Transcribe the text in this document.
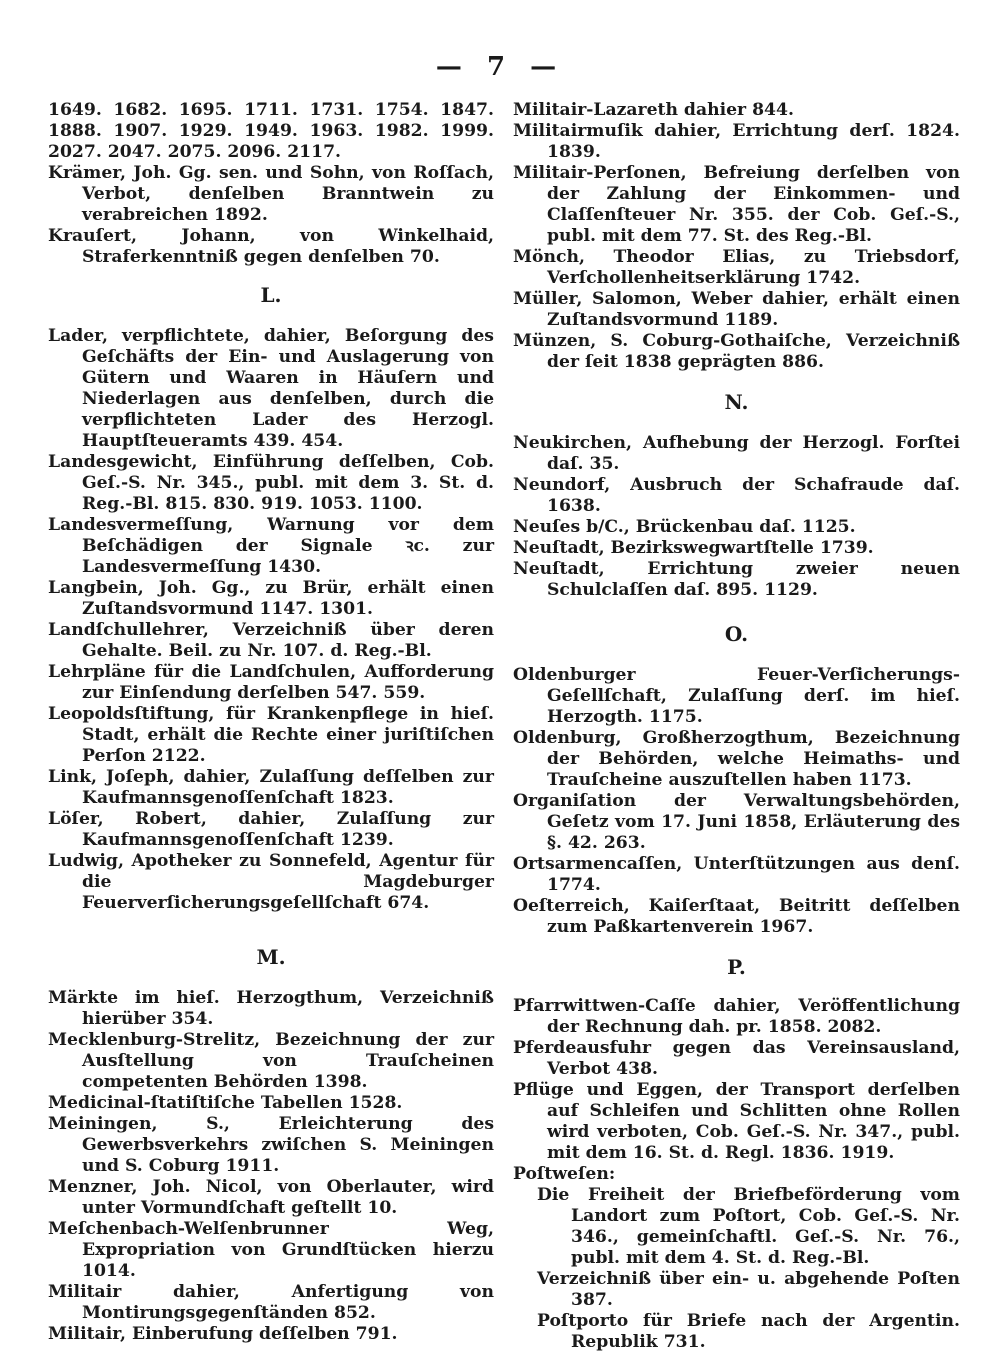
— 7 —

1649. 1682. 1695. 1711. 1731. 1754. 1847. 1888. 1907. 1929. 1949. 1963. 1982. 1999. 2027. 2047. 2075. 2096. 2117.

Krämer, Joh. Gg. sen. und Sohn, von Roſſach, Verbot, denſelben Branntwein zu verabreichen 1892.

Krauſert, Johann, von Winkelhaid, Straferkenntniß gegen denſelben 70.

L.

Lader, verpflichtete, dahier, Beſorgung des Geſchäfts der Ein- und Auslagerung von Gütern und Waaren in Häuſern und Niederlagen aus denſelben, durch die verpflichteten Lader des Herzogl. Hauptſteueramts 439. 454.

Landesgewicht, Einführung deſſelben, Cob. Geſ.-S. Nr. 345., publ. mit dem 3. St. d. Reg.-Bl. 815. 830. 919. 1053. 1100.

Landesvermeſſung, Warnung vor dem Beſchädigen der Signale ꝛc. zur Landesvermeſſung 1430.

Langbein, Joh. Gg., zu Brür, erhält einen Zuſtandsvormund 1147. 1301.

Landſchullehrer, Verzeichniß über deren Gehalte. Beil. zu Nr. 107. d. Reg.-Bl.

Lehrpläne für die Landſchulen, Aufforderung zur Einſendung derſelben 547. 559.

Leopoldsſtiftung, für Krankenpflege in hieſ. Stadt, erhält die Rechte einer juriſtiſchen Perſon 2122.

Link, Joſeph, dahier, Zulaſſung deſſelben zur Kaufmannsgenoſſenſchaft 1823.

Löſer, Robert, dahier, Zulaſſung zur Kaufmannsgenoſſenſchaft 1239.

Ludwig, Apotheker zu Sonnefeld, Agentur für die Magdeburger Feuerverſicherungsgeſellſchaft 674.

M.

Märkte im hieſ. Herzogthum, Verzeichniß hierüber 354.

Mecklenburg-Strelitz, Bezeichnung der zur Ausſtellung von Trauſcheinen competenten Behörden 1398.

Medicinal-ſtatiſtiſche Tabellen 1528.

Meiningen, S., Erleichterung des Gewerbsverkehrs zwiſchen S. Meiningen und S. Coburg 1911.

Menzner, Joh. Nicol, von Oberlauter, wird unter Vormundſchaft geſtellt 10.

Meſchenbach-Welſenbrunner Weg, Expropriation von Grundſtücken hierzu 1014.

Militair dahier, Anfertigung von Montirungsgegenſtänden 852.

Militair, Einberufung deſſelben 791.

Militair-Lazareth dahier 844.

Militairmuſik dahier, Errichtung derſ. 1824. 1839.

Militair-Perſonen, Befreiung derſelben von der Zahlung der Einkommen- und Claſſenſteuer Nr. 355. der Cob. Geſ.-S., publ. mit dem 77. St. des Reg.-Bl.

Mönch, Theodor Elias, zu Triebsdorf, Verſchollenheitserklärung 1742.

Müller, Salomon, Weber dahier, erhält einen Zuſtandsvormund 1189.

Münzen, S. Coburg-Gothaiſche, Verzeichniß der ſeit 1838 geprägten 886.

N.

Neukirchen, Aufhebung der Herzogl. Forſtei daſ. 35.

Neundorf, Ausbruch der Schafraude daſ. 1638.

Neuſes b/C., Brückenbau daſ. 1125.

Neuſtadt, Bezirkswegwartſtelle 1739.

Neuſtadt, Errichtung zweier neuen Schulclaſſen daſ. 895. 1129.

O.

Oldenburger Feuer-Verſicherungs-Geſellſchaft, Zulaſſung derſ. im hieſ. Herzogth. 1175.

Oldenburg, Großherzogthum, Bezeichnung der Behörden, welche Heimaths- und Trauſcheine auszuſtellen haben 1173.

Organiſation der Verwaltungsbehörden, Geſetz vom 17. Juni 1858, Erläuterung des §. 42. 263.

Ortsarmencaſſen, Unterſtützungen aus denſ. 1774.

Oeſterreich, Kaiſerſtaat, Beitritt deſſelben zum Paßkartenverein 1967.

P.

Pfarrwittwen-Caſſe dahier, Veröffentlichung der Rechnung dah. pr. 1858. 2082.

Pferdeausfuhr gegen das Vereinsausland, Verbot 438.

Pflüge und Eggen, der Transport derſelben auf Schleifen und Schlitten ohne Rollen wird verboten, Cob. Geſ.-S. Nr. 347., publ. mit dem 16. St. d. Regl. 1836. 1919.

Poſtweſen:

Die Freiheit der Briefbeförderung vom Landort zum Poſtort, Cob. Geſ.-S. Nr. 346., gemeinſchaftl. Geſ.-S. Nr. 76., publ. mit dem 4. St. d. Reg.-Bl.

Verzeichniß über ein- u. abgehende Poſten 387.

Poſtporto für Briefe nach der Argentin. Republik 731.
